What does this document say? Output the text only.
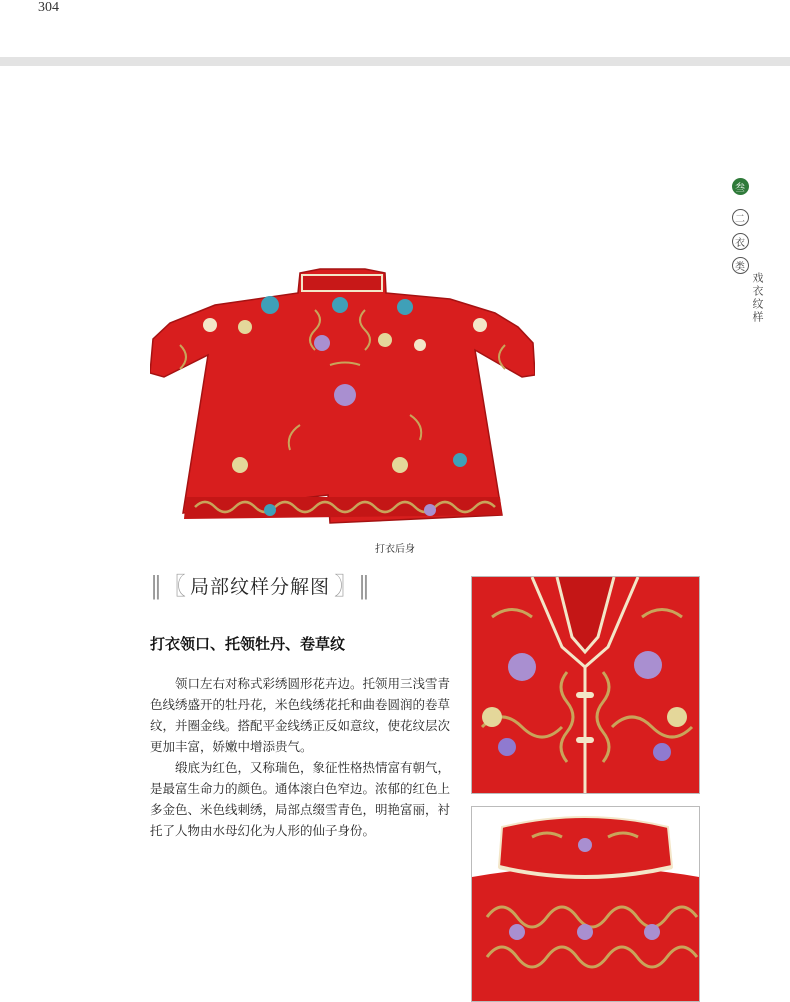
304
叁
二
衣
类
戏衣纹样
打衣后身
‖〖 局部纹样分解图 〗‖
打衣领口、托领牡丹、卷草纹

领口左右对称式彩绣圆形花卉边。托领用三浅雪青色线绣盛开的牡丹花，米色线绣花托和曲卷圆润的卷草纹，并圈金线。搭配平金线绣正反如意纹，使花纹层次更加丰富，娇嫩中增添贵气。

缎底为红色，又称瑞色，象征性格热情富有朝气，是最富生命力的颜色。通体滚白色窄边。浓郁的红色上多金色、米色线刺绣，局部点缀雪青色，明艳富丽，衬托了人物由水母幻化为人形的仙子身份。
